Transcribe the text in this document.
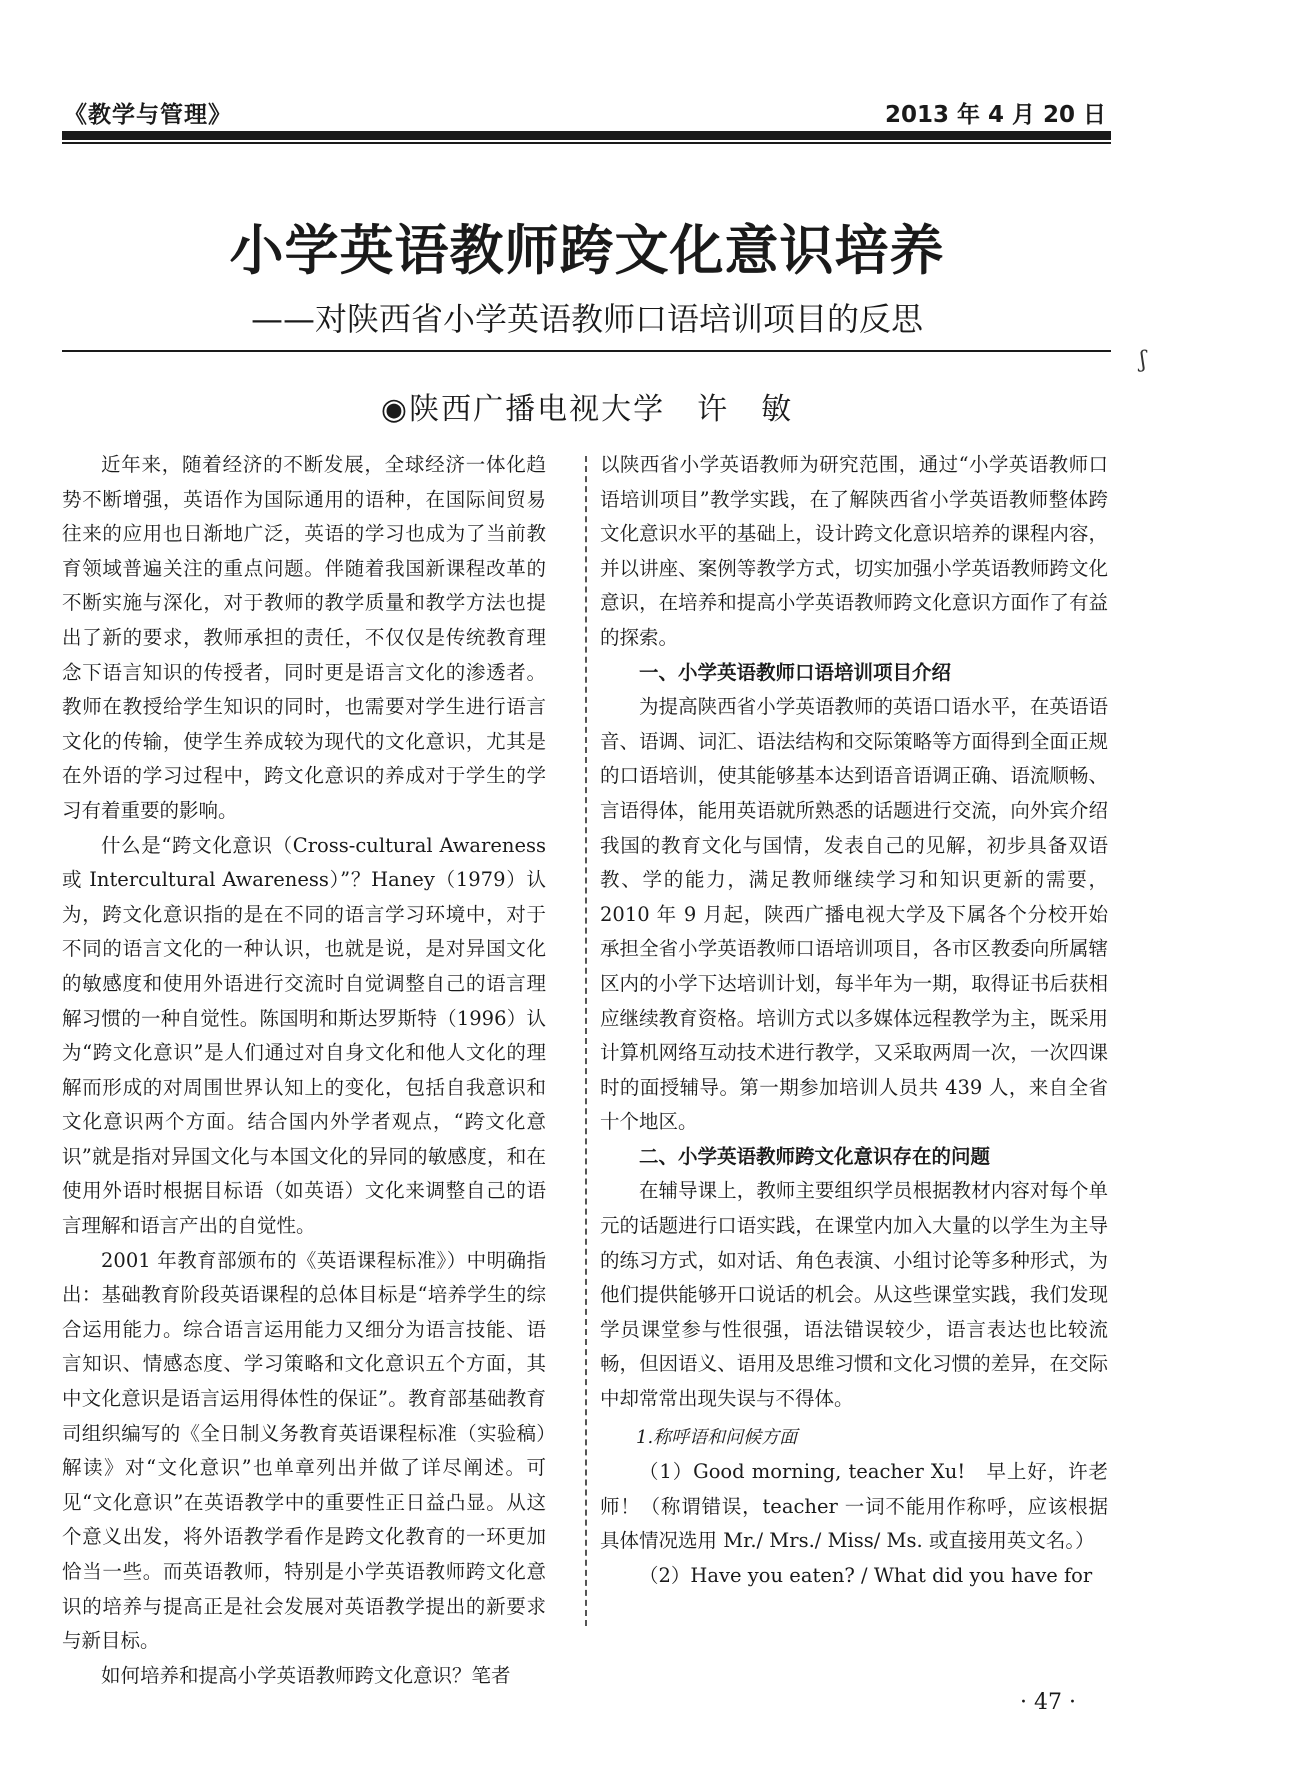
《教学与管理》	2013 年 4 月 20 日
小学英语教师跨文化意识培养
——对陕西省小学英语教师口语培训项目的反思
ʃ
◉陕西广播电视大学　许　敏

近年来，随着经济的不断发展，全球经济一体化趋势不断增强，英语作为国际通用的语种，在国际间贸易往来的应用也日渐地广泛，英语的学习也成为了当前教育领域普遍关注的重点问题。伴随着我国新课程改革的不断实施与深化，对于教师的教学质量和教学方法也提出了新的要求，教师承担的责任，不仅仅是传统教育理念下语言知识的传授者，同时更是语言文化的渗透者。教师在教授给学生知识的同时，也需要对学生进行语言文化的传输，使学生养成较为现代的文化意识，尤其是在外语的学习过程中，跨文化意识的养成对于学生的学习有着重要的影响。

什么是“跨文化意识（Cross-cultural Awareness 或 Intercultural Awareness）”？Haney（1979）认为，跨文化意识指的是在不同的语言学习环境中，对于不同的语言文化的一种认识，也就是说，是对异国文化的敏感度和使用外语进行交流时自觉调整自己的语言理解习惯的一种自觉性。陈国明和斯达罗斯特（1996）认为“跨文化意识”是人们通过对自身文化和他人文化的理解而形成的对周围世界认知上的变化，包括自我意识和文化意识两个方面。结合国内外学者观点，“跨文化意识”就是指对异国文化与本国文化的异同的敏感度，和在使用外语时根据目标语（如英语）文化来调整自己的语言理解和语言产出的自觉性。

2001 年教育部颁布的《英语课程标准》）中明确指出：基础教育阶段英语课程的总体目标是“培养学生的综合运用能力。综合语言运用能力又细分为语言技能、语言知识、情感态度、学习策略和文化意识五个方面，其中文化意识是语言运用得体性的保证”。教育部基础教育司组织编写的《全日制义务教育英语课程标准（实验稿）解读》对“文化意识”也单章列出并做了详尽阐述。可见“文化意识”在英语教学中的重要性正日益凸显。从这个意义出发，将外语教学看作是跨文化教育的一环更加恰当一些。而英语教师，特别是小学英语教师跨文化意识的培养与提高正是社会发展对英语教学提出的新要求与新目标。

如何培养和提高小学英语教师跨文化意识？笔者

以陕西省小学英语教师为研究范围，通过“小学英语教师口语培训项目”教学实践，在了解陕西省小学英语教师整体跨文化意识水平的基础上，设计跨文化意识培养的课程内容，并以讲座、案例等教学方式，切实加强小学英语教师跨文化意识，在培养和提高小学英语教师跨文化意识方面作了有益的探索。

一、小学英语教师口语培训项目介绍

为提高陕西省小学英语教师的英语口语水平，在英语语音、语调、词汇、语法结构和交际策略等方面得到全面正规的口语培训，使其能够基本达到语音语调正确、语流顺畅、言语得体，能用英语就所熟悉的话题进行交流，向外宾介绍我国的教育文化与国情，发表自己的见解，初步具备双语教、学的能力，满足教师继续学习和知识更新的需要，2010 年 9 月起，陕西广播电视大学及下属各个分校开始承担全省小学英语教师口语培训项目，各市区教委向所属辖区内的小学下达培训计划，每半年为一期，取得证书后获相应继续教育资格。培训方式以多媒体远程教学为主，既采用计算机网络互动技术进行教学，又采取两周一次，一次四课时的面授辅导。第一期参加培训人员共 439 人，来自全省十个地区。

二、小学英语教师跨文化意识存在的问题

在辅导课上，教师主要组织学员根据教材内容对每个单元的话题进行口语实践，在课堂内加入大量的以学生为主导的练习方式，如对话、角色表演、小组讨论等多种形式，为他们提供能够开口说话的机会。从这些课堂实践，我们发现学员课堂参与性很强，语法错误较少，语言表达也比较流畅，但因语义、语用及思维习惯和文化习惯的差异，在交际中却常常出现失误与不得体。

1.称呼语和问候方面

（1）Good morning, teacher Xu!　早上好，许老师！（称谓错误，teacher 一词不能用作称呼，应该根据具体情况选用 Mr./ Mrs./ Miss/ Ms. 或直接用英文名。）

（2）Have you eaten? / What did you have for

· 47 ·
